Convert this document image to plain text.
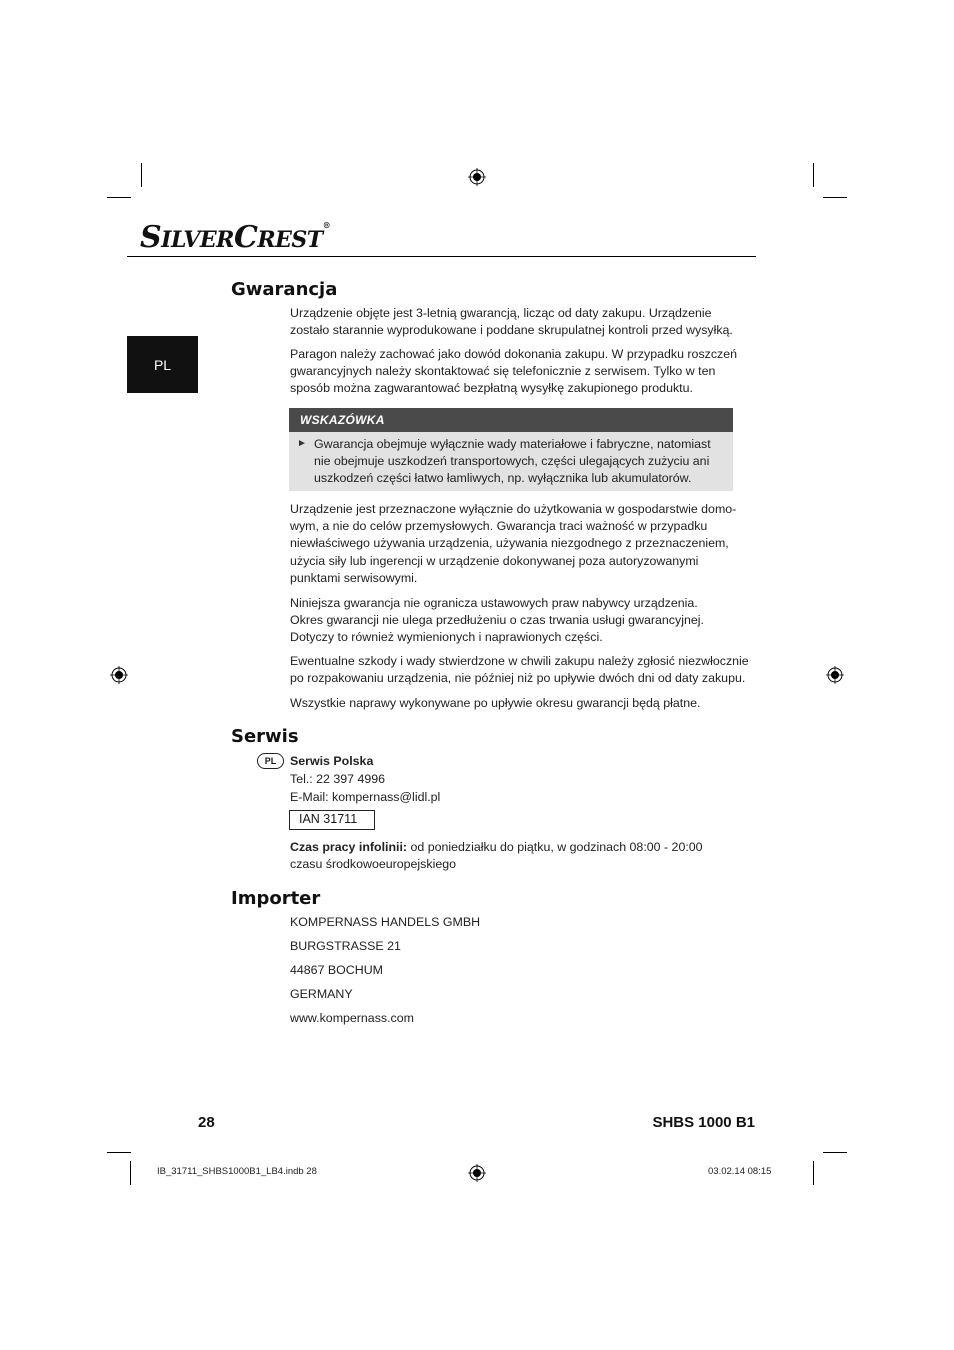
SILVERCREST®
PL
Gwarancja
Urządzenie objęte jest 3-letnią gwarancją, licząc od daty zakupu. Urządzenie
zostało starannie wyprodukowane i poddane skrupulatnej kontroli przed wysyłką.
Paragon należy zachować jako dowód dokonania zakupu. W przypadku roszczeń
gwarancyjnych należy skontaktować się telefonicznie z serwisem. Tylko w ten
sposób można zagwarantować bezpłatną wysyłkę zakupionego produktu.
WSKAZÓWKA
► Gwarancja obejmuje wyłącznie wady materiałowe i fabryczne, natomiast
nie obejmuje uszkodzeń transportowych, części ulegających zużyciu ani
uszkodzeń części łatwo łamliwych, np. wyłącznika lub akumulatorów.
Urządzenie jest przeznaczone wyłącznie do użytkowania w gospodarstwie domo-
wym, a nie do celów przemysłowych. Gwarancja traci ważność w przypadku
niewłaściwego używania urządzenia, używania niezgodnego z przeznaczeniem,
użycia siły lub ingerencji w urządzenie dokonywanej poza autoryzowanymi
punktami serwisowymi.
Niniejsza gwarancja nie ogranicza ustawowych praw nabywcy urządzenia.
Okres gwarancji nie ulega przedłużeniu o czas trwania usługi gwarancyjnej.
Dotyczy to również wymienionych i naprawionych części.
Ewentualne szkody i wady stwierdzone w chwili zakupu należy zgłosić niezwłocznie
po rozpakowaniu urządzenia, nie później niż po upływie dwóch dni od daty zakupu.
Wszystkie naprawy wykonywane po upływie okresu gwarancji będą płatne.
Serwis
PL Serwis Polska
Tel.: 22 397 4996
E-Mail: kompernass@lidl.pl
IAN 31711
Czas pracy infolinii: od poniedziałku do piątku, w godzinach 08:00 - 20:00
czasu środkowoeuropejskiego
Importer
KOMPERNASS HANDELS GMBH
BURGSTRASSE 21
44867 BOCHUM
GERMANY
www.kompernass.com
28	SHBS 1000 B1
IB_31711_SHBS1000B1_LB4.indb 28	03.02.14 08:15
